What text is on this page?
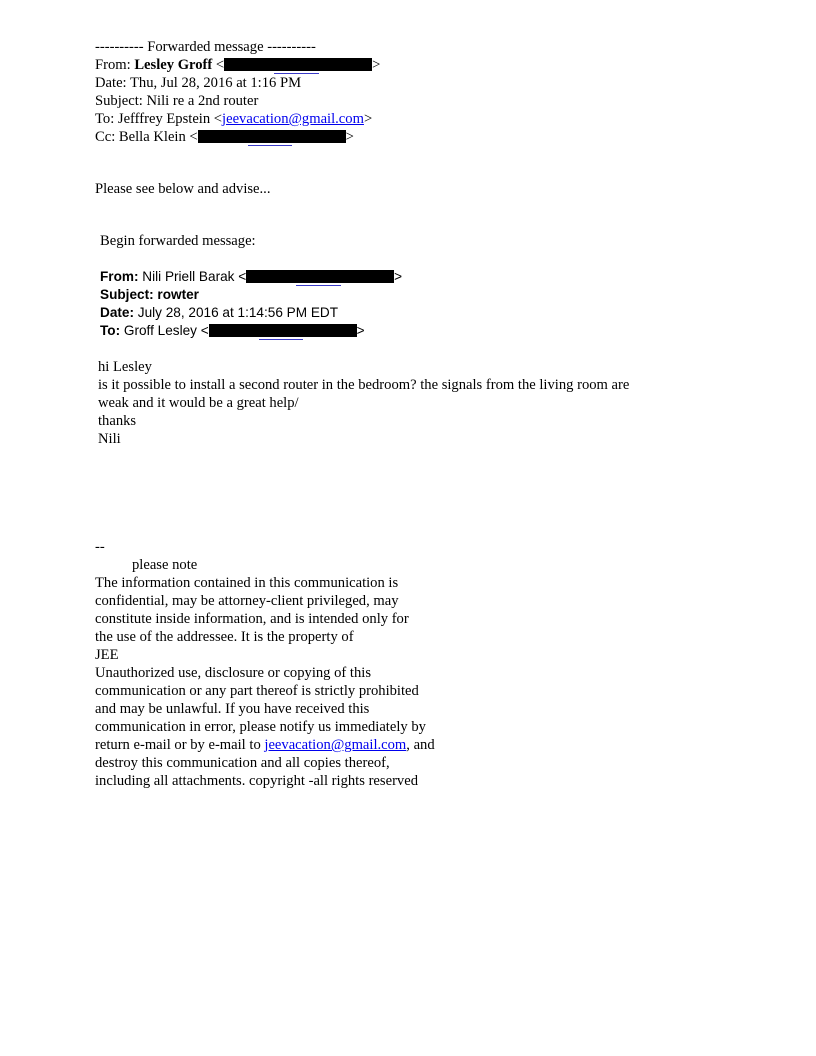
---------- Forwarded message ----------
From: Lesley Groff <	>
Date: Thu, Jul 28, 2016 at 1:16 PM
Subject: Nili re a 2nd router
To: Jefffrey Epstein <jeevacation@gmail.com>
Cc: Bella Klein <	>
Please see below and advise...
Begin forwarded message:
From: Nili Priell Barak <	>
Subject: rowter
Date: July 28, 2016 at 1:14:56 PM EDT
To: Groff Lesley <	>
hi Lesley
is it possible to install a second router in the bedroom? the signals from the living room are
weak and it would be a great help/
thanks
Nili
--
please note
The information contained in this communication is
confidential, may be attorney-client privileged, may
constitute inside information, and is intended only for
the use of the addressee. It is the property of
JEE
Unauthorized use, disclosure or copying of this
communication or any part thereof is strictly prohibited
and may be unlawful. If you have received this
communication in error, please notify us immediately by
return e-mail or by e-mail to jeevacation@gmail.com, and
destroy this communication and all copies thereof,
including all attachments. copyright -all rights reserved
